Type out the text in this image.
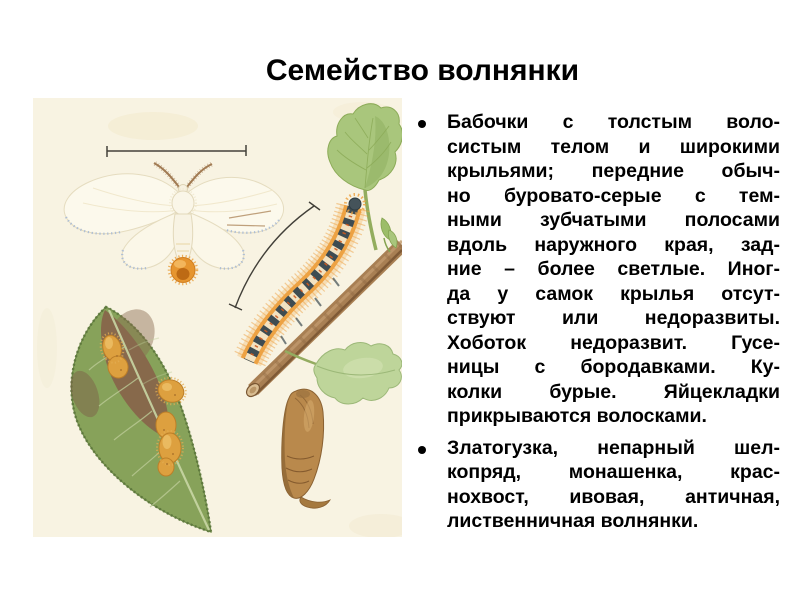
Семейство волнянки
Бабочки с толстым воло-
систым телом и широкими
крыльями; передние обыч-
но буровато-серые с тем-
ными зубчатыми полосами
вдоль наружного края, зад-
ние – более светлые. Иног-
да у самок крылья отсут-
ствуют или недоразвиты.
Хоботок недоразвит. Гусе-
ницы с бородавками. Ку-
колки бурые. Яйцекладки
прикрываются волосками.
Златогузка, непарный шел-
копряд, монашенка, крас-
нохвост, ивовая, античная,
лиственничная волнянки.
